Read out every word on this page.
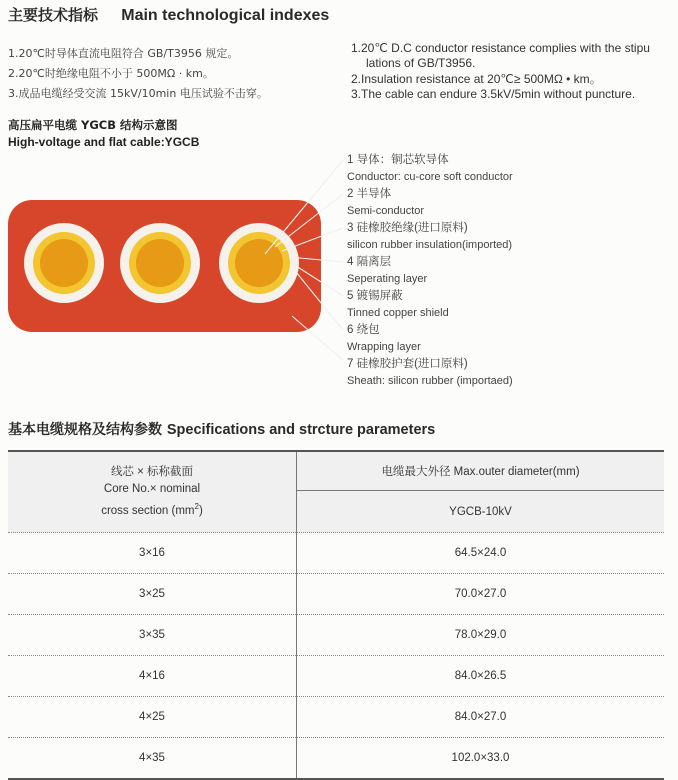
主要技术指标 Main technological indexes
1.20℃时导体直流电阻符合 GB/T3956 规定。
2.20℃时绝缘电阻不小于 500MΩ · km。
3.成品电缆经受交流 15kV/10min 电压试验不击穿。
1.20℃ D.C conductor resistance complies with the stipu
lations of GB/T3956.
2.Insulation resistance at 20℃≥ 500MΩ • km。
3.The cable can endure 3.5kV/5min without puncture.
高压扁平电缆 YGCB 结构示意图
High-voltage and flat cable:YGCB
1 导体：铜芯软导体
Conductor: cu-core soft conductor
2 半导体
Semi-conductor
3 硅橡胶绝缘(进口原料)
silicon rubber insulation(imported)
4 隔离层
Seperating layer
5 镀锡屏蔽
Tinned copper shield
6 绕包
Wrapping layer
7 硅橡胶护套(进口原料)
Sheath: silicon rubber (importaed)
基本电缆规格及结构参数 Specifications and strcture parameters
线芯 × 标称截面
Core No.× nominal
cross section $(mm^2)$	电缆最大外径 Max.outer diameter(mm)
	YGCB-10kV
3×16	64.5×24.0
3×25	70.0×27.0
3×35	78.0×29.0
4×16	84.0×26.5
4×25	84.0×27.0
4×35	102.0×33.0
